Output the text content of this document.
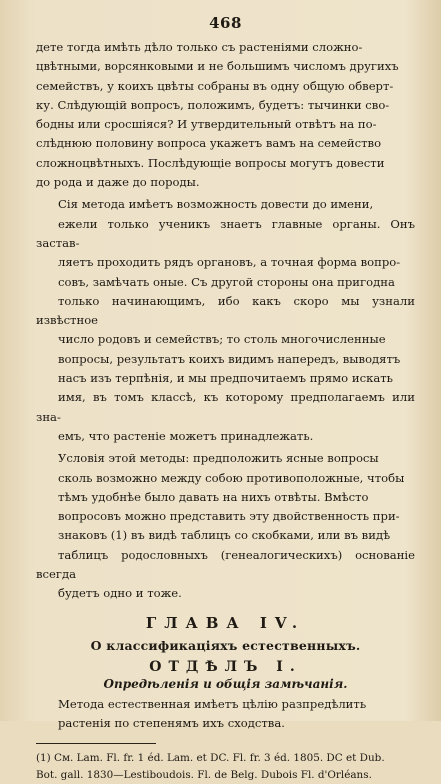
468

дете тогда имѣть дѣло только съ растенiями сложно-
цвѣтными, ворсянковыми и не большимъ числомъ другихъ
семействъ, у коихъ цвѣты собраны въ одну общую обверт-
ку. Слѣдующiй вопросъ, положимъ, будетъ: тычинки сво-
бодны или сросшiяся? И утвердительный отвѣтъ на по-
слѣднюю половину вопроса укажетъ вамъ на семейство
сложноцвѣтныхъ. Послѣдующiе вопросы могутъ довести
до рода и даже до породы.

Сiя метода имѣетъ возможность довести до имени,
ежели только ученикъ знаетъ главные органы. Онъ застав-
ляетъ проходить рядъ органовъ, а точная форма вопро-
совъ, замѣчать оные. Съ другой стороны она пригодна
только начинающимъ, ибо какъ скоро мы узнали извѣстное
число родовъ и семействъ; то столь многочисленные
вопросы, результатъ коихъ видимъ напередъ, выводятъ
насъ изъ терпѣнiя, и мы предпочитаемъ прямо искать
имя, въ томъ классѣ, къ которому предполагаемъ или зна-
емъ, что растенiе можетъ принадлежать.

Условiя этой методы: предположить ясные вопросы
сколь возможно между собою противоположные, чтобы
тѣмъ удобнѣе было давать на нихъ отвѣты. Вмѣсто
вопросовъ можно представить эту двойственность при-
знаковъ (1) въ видѣ таблицъ со скобками, или въ видѣ
таблицъ родословныхъ (генеалогическихъ) основанiе всегда
будетъ одно и тоже.

ГЛАВА IV.
О классификацiяхъ естественныхъ.
ОТДѢЛЪ I.
Опредѣленiя и общiя замѣчанiя.

Метода естественная имѣетъ цѣлiю разпредѣлить
растенiя по степенямъ ихъ сходства.

(1) См. Lam. Fl. fr. 1 éd. Lam. et DC. Fl. fr. 3 éd. 1805. DC et Dub.
Bot. gall. 1830—Lestiboudois. Fl. de Belg. Dubois Fl. d'Orléans.
